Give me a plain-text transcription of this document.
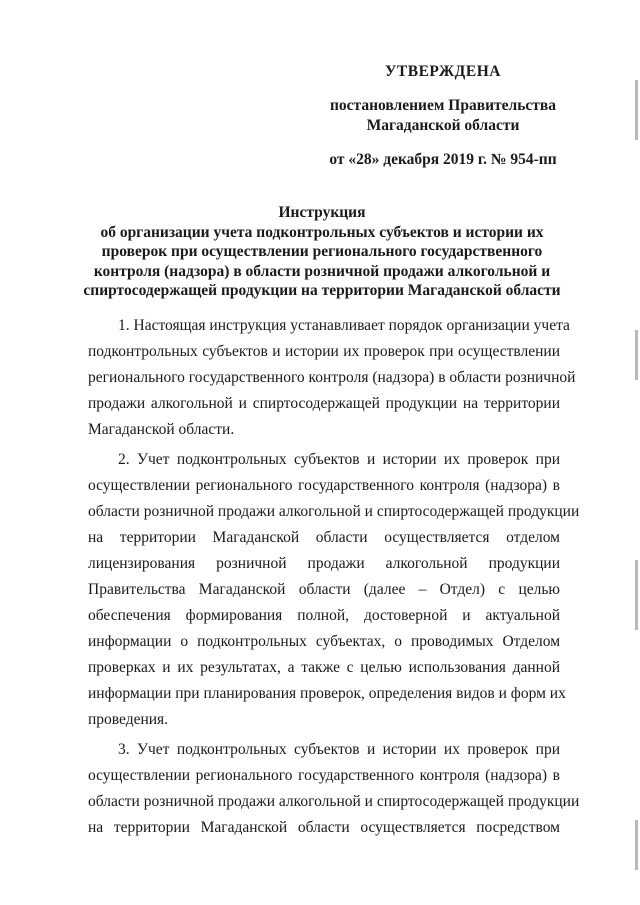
УТВЕРЖДЕНА
постановлением Правительства
Магаданской области
от «28» декабря 2019 г. № 954-пп
Инструкция
об организации учета подконтрольных субъектов и истории их
проверок при осуществлении регионального государственного
контроля (надзора) в области розничной продажи алкогольной и
спиртосодержащей продукции на территории Магаданской области
1. Настоящая инструкция устанавливает порядок организации учета
подконтрольных субъектов и истории их проверок при осуществлении
регионального государственного контроля (надзора) в области розничной
продажи алкогольной и спиртосодержащей продукции на территории
Магаданской области.
2. Учет подконтрольных субъектов и истории их проверок при
осуществлении регионального государственного контроля (надзора) в
области розничной продажи алкогольной и спиртосодержащей продукции
на территории Магаданской области осуществляется отделом
лицензирования розничной продажи алкогольной продукции
Правительства Магаданской области (далее – Отдел) с целью
обеспечения формирования полной, достоверной и актуальной
информации о подконтрольных субъектах, о проводимых Отделом
проверках и их результатах, а также с целью использования данной
информации при планирования проверок, определения видов и форм их
проведения.
3. Учет подконтрольных субъектов и истории их проверок при
осуществлении регионального государственного контроля (надзора) в
области розничной продажи алкогольной и спиртосодержащей продукции
на территории Магаданской области осуществляется посредством
